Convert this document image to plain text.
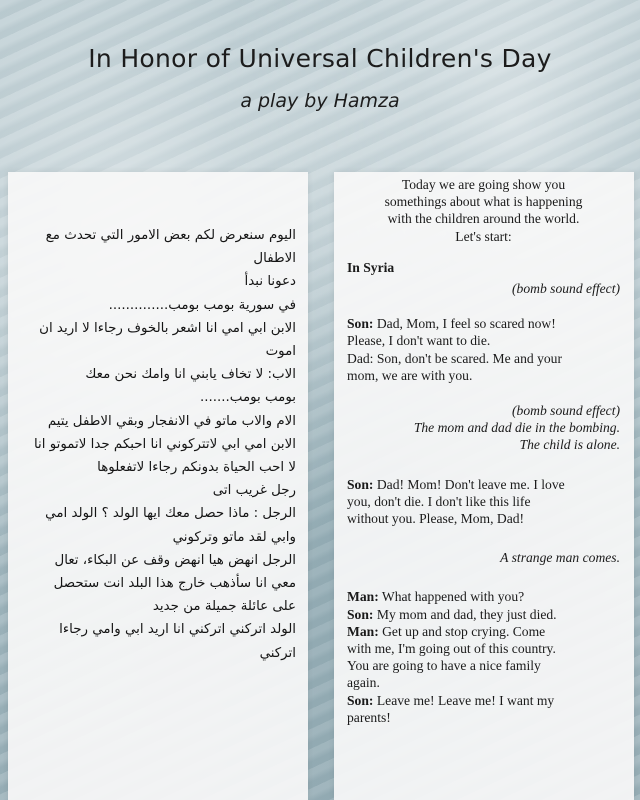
In Honor of Universal Children's Day
a play by Hamza
اليوم سنعرض لكم بعض الامور التي تحدث مع
الاطفال
دعونا نبدأ
في سورية بومب بومب..............
الابن ابي امي انا اشعر بالخوف رجاءا لا اريد ان
اموت
الاب: لا تخاف يابني انا وامك نحن معك
بومب بومب.......
الام والاب ماتو في الانفجار وبقي الاطفل يتيم
الابن امي ابي لاتتركوني انا احبكم جدا لاتموتو انا
لا احب الحياة بدونكم رجاءا لاتفعلوها
رجل غريب اتى
الرجل : ماذا حصل معك ايها الولد ؟ الولد امي
وابي لقد ماتو وتركوني
الرجل انهض هيا انهض وقف عن البكاء، تعال
معي انا سأذهب خارج هذا البلد انت ستحصل
على عائلة جميلة من جديد
الولد اتركني اتركني انا اريد ابي وامي رجاءا
اتركني
Today we are going show you
somethings about what is happening
with the children around the world.
Let's start:
In Syria
(bomb sound effect)
Son: Dad, Mom, I feel so scared now!
Please, I don't want to die.
Dad: Son, don't be scared. Me and your
mom, we are with you.
(bomb sound effect)
The mom and dad die in the bombing.
The child is alone.
Son: Dad! Mom! Don't leave me. I love
you, don't die. I don't like this life
without you. Please, Mom, Dad!
A strange man comes.
Man: What happened with you?
Son: My mom and dad, they just died.
Man: Get up and stop crying. Come
with me, I'm going out of this country.
You are going to have a nice family
again.
Son: Leave me! Leave me! I want my
parents!
